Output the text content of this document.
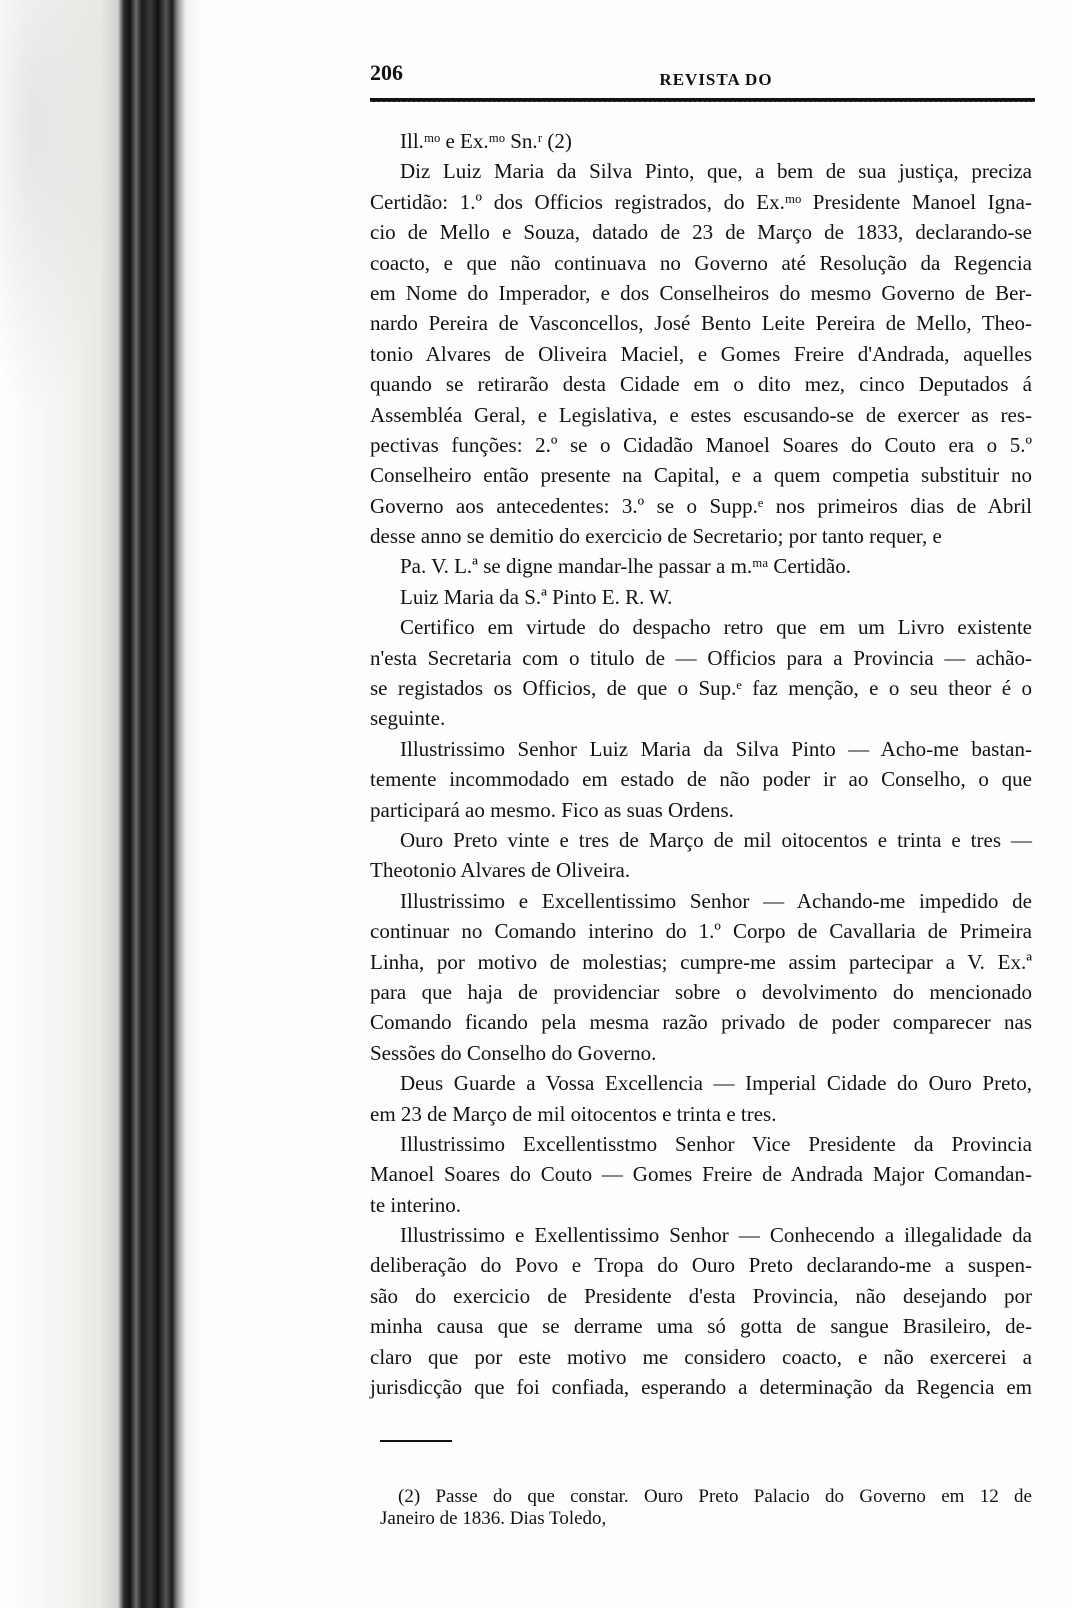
206	REVISTA DO
Ill.ᵐᵒ e Ex.ᵐᵒ Sn.ʳ (2)
Diz Luiz Maria da Silva Pinto, que, a bem de sua justiça, preciza
Certidão: 1.º dos Officios registrados, do Ex.ᵐᵒ Presidente Manoel Igna-
cio de Mello e Souza, datado de 23 de Março de 1833, declarando-se
coacto, e que não continuava no Governo até Resolução da Regencia
em Nome do Imperador, e dos Conselheiros do mesmo Governo de Ber-
nardo Pereira de Vasconcellos, José Bento Leite Pereira de Mello, Theo-
tonio Alvares de Oliveira Maciel, e Gomes Freire d'Andrada, aquelles
quando se retirarão desta Cidade em o dito mez, cinco Deputados á
Assembléa Geral, e Legislativa, e estes escusando-se de exercer as res-
pectivas funções: 2.º se o Cidadão Manoel Soares do Couto era o 5.º
Conselheiro então presente na Capital, e a quem competia substituir no
Governo aos antecedentes: 3.º se o Supp.ᵉ nos primeiros dias de Abril
desse anno se demitio do exercicio de Secretario; por tanto requer, e
Pa. V. L.ª se digne mandar-lhe passar a m.ᵐᵃ Certidão.
Luiz Maria da S.ª Pinto E. R. W.
Certifico em virtude do despacho retro que em um Livro existente
n'esta Secretaria com o titulo de — Officios para a Provincia — achão-
se registados os Officios, de que o Sup.ᵉ faz menção, e o seu theor é o
seguinte.
Illustrissimo Senhor Luiz Maria da Silva Pinto — Acho-me bastan-
temente incommodado em estado de não poder ir ao Conselho, o que
participará ao mesmo. Fico as suas Ordens.
Ouro Preto vinte e tres de Março de mil oitocentos e trinta e tres —
Theotonio Alvares de Oliveira.
Illustrissimo e Excellentissimo Senhor — Achando-me impedido de
continuar no Comando interino do 1.º Corpo de Cavallaria de Primeira
Linha, por motivo de molestias; cumpre-me assim partecipar a V. Ex.ª
para que haja de providenciar sobre o devolvimento do mencionado
Comando ficando pela mesma razão privado de poder comparecer nas
Sessões do Conselho do Governo.
Deus Guarde a Vossa Excellencia — Imperial Cidade do Ouro Preto,
em 23 de Março de mil oitocentos e trinta e tres.
Illustrissimo Excellentisstmo Senhor Vice Presidente da Provincia
Manoel Soares do Couto — Gomes Freire de Andrada Major Comandan-
te interino.
Illustrissimo e Exellentissimo Senhor — Conhecendo a illegalidade da
deliberação do Povo e Tropa do Ouro Preto declarando-me a suspen-
são do exercicio de Presidente d'esta Provincia, não desejando por
minha causa que se derrame uma só gotta de sangue Brasileiro, de-
claro que por este motivo me considero coacto, e não exercerei a
jurisdicção que foi confiada, esperando a determinação da Regencia em
(2) Passe do que constar. Ouro Preto Palacio do Governo em 12 de
Janeiro de 1836. Dias Toledo,
